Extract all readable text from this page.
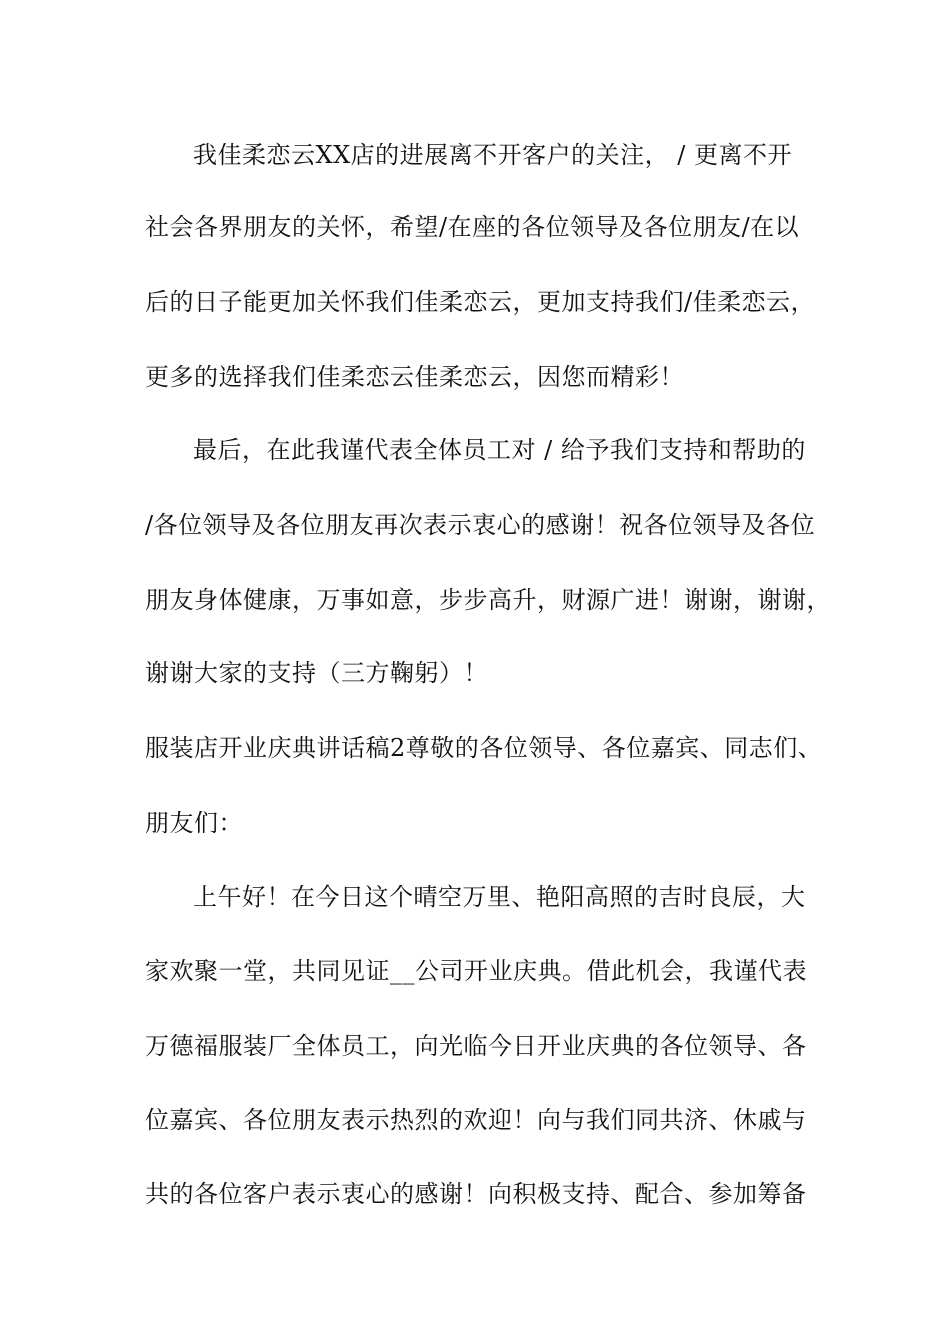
我佳柔恋云XX店的进展离不开客户的关注， / 更离不开
社会各界朋友的关怀，希望/在座的各位领导及各位朋友/在以
后的日子能更加关怀我们佳柔恋云，更加支持我们/佳柔恋云，
更多的选择我们佳柔恋云佳柔恋云，因您而精彩！
最后，在此我谨代表全体员工对 / 给予我们支持和帮助的
/各位领导及各位朋友再次表示衷心的感谢！祝各位领导及各位
朋友身体健康，万事如意，步步高升，财源广进！谢谢，谢谢，
谢谢大家的支持（三方鞠躬）！
服装店开业庆典讲话稿2尊敬的各位领导、各位嘉宾、同志们、
朋友们：
上午好！在今日这个晴空万里、艳阳高照的吉时良辰，大
家欢聚一堂，共同见证__公司开业庆典。借此机会，我谨代表
万德福服装厂全体员工，向光临今日开业庆典的各位领导、各
位嘉宾、各位朋友表示热烈的欢迎！向与我们同共济、休戚与
共的各位客户表示衷心的感谢！向积极支持、配合、参加筹备
